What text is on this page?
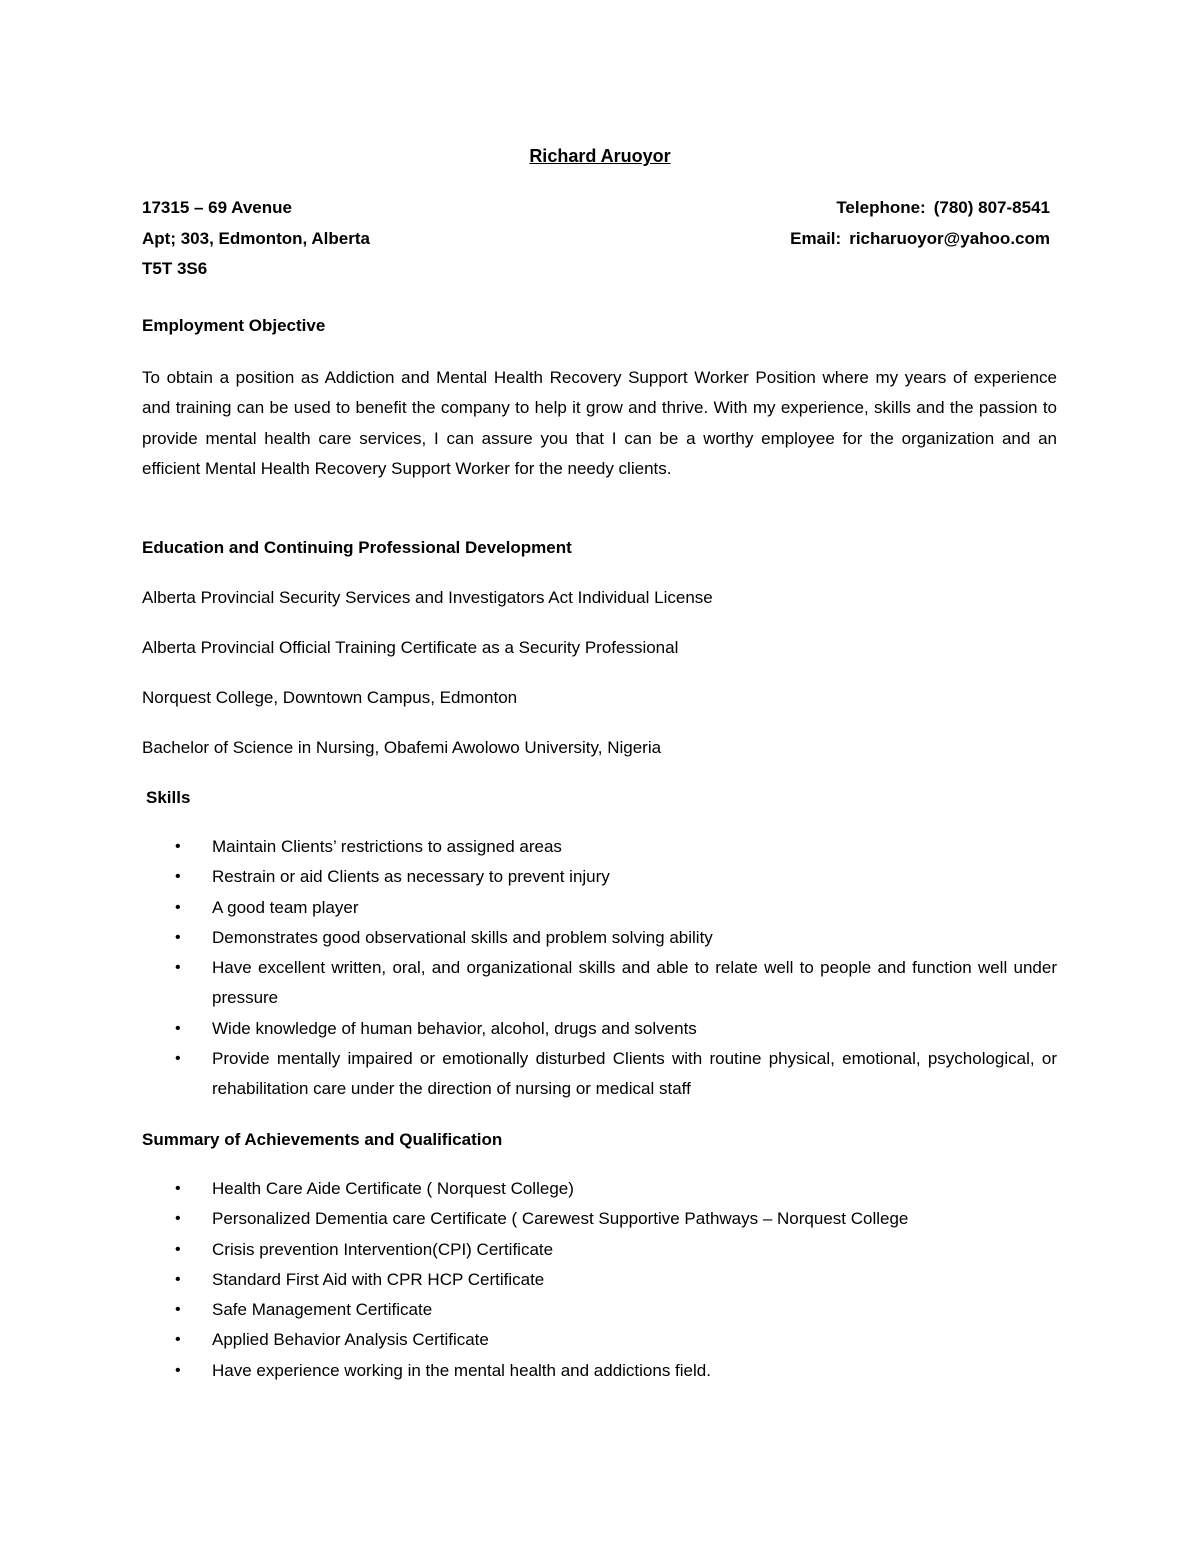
Richard Aruoyor
17315 – 69 Avenue
Apt; 303, Edmonton, Alberta
T5T 3S6
Telephone: (780) 807-8541
Email: richaruoyor@yahoo.com
Employment Objective

To obtain a position as Addiction and Mental Health Recovery Support Worker Position where my years of experience and training can be used to benefit the company to help it grow and thrive. With my experience, skills and the passion to provide mental health care services, I can assure you that I can be a worthy employee for the organization and an efficient Mental Health Recovery Support Worker for the needy clients.

Education and Continuing Professional Development

Alberta Provincial Security Services and Investigators Act Individual License

Alberta Provincial Official Training Certificate as a Security Professional

Norquest College, Downtown Campus, Edmonton

Bachelor of Science in Nursing, Obafemi Awolowo University, Nigeria

Skills
• Maintain Clients’ restrictions to assigned areas
• Restrain or aid Clients as necessary to prevent injury
• A good team player
• Demonstrates good observational skills and problem solving ability
• Have excellent written, oral, and organizational skills and able to relate well to people and function well under pressure
• Wide knowledge of human behavior, alcohol, drugs and solvents
• Provide mentally impaired or emotionally disturbed Clients with routine physical, emotional, psychological, or rehabilitation care under the direction of nursing or medical staff
Summary of Achievements and Qualification
• Health Care Aide Certificate ( Norquest College)
• Personalized Dementia care Certificate ( Carewest Supportive Pathways – Norquest College
• Crisis prevention Intervention(CPI) Certificate
• Standard First Aid with CPR HCP Certificate
• Safe Management Certificate
• Applied Behavior Analysis Certificate
• Have experience working in the mental health and addictions field.
